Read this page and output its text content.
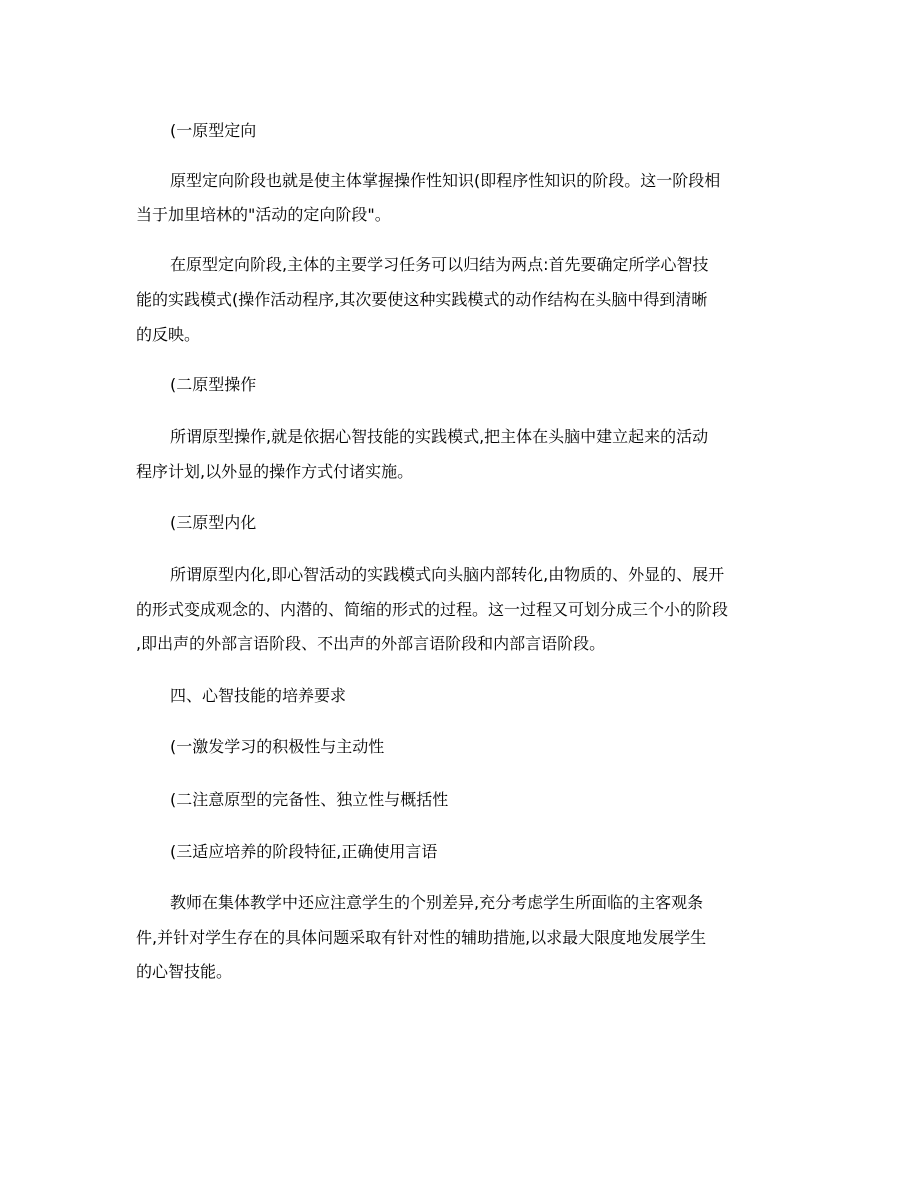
(一原型定向

原型定向阶段也就是使主体掌握操作性知识(即程序性知识的阶段。这一阶段相

当于加里培林的"活动的定向阶段"。

在原型定向阶段,主体的主要学习任务可以归结为两点:首先要确定所学心智技

能的实践模式(操作活动程序,其次要使这种实践模式的动作结构在头脑中得到清晰

的反映。

(二原型操作

所谓原型操作,就是依据心智技能的实践模式,把主体在头脑中建立起来的活动

程序计划,以外显的操作方式付诸实施。

(三原型内化

所谓原型内化,即心智活动的实践模式向头脑内部转化,由物质的、外显的、展开

的形式变成观念的、内潜的、简缩的形式的过程。这一过程又可划分成三个小的阶段

,即出声的外部言语阶段、不出声的外部言语阶段和内部言语阶段。

四、心智技能的培养要求

(一激发学习的积极性与主动性

(二注意原型的完备性、独立性与概括性

(三适应培养的阶段特征,正确使用言语

教师在集体教学中还应注意学生的个别差异,充分考虑学生所面临的主客观条

件,并针对学生存在的具体问题采取有针对性的辅助措施,以求最大限度地发展学生

的心智技能。
